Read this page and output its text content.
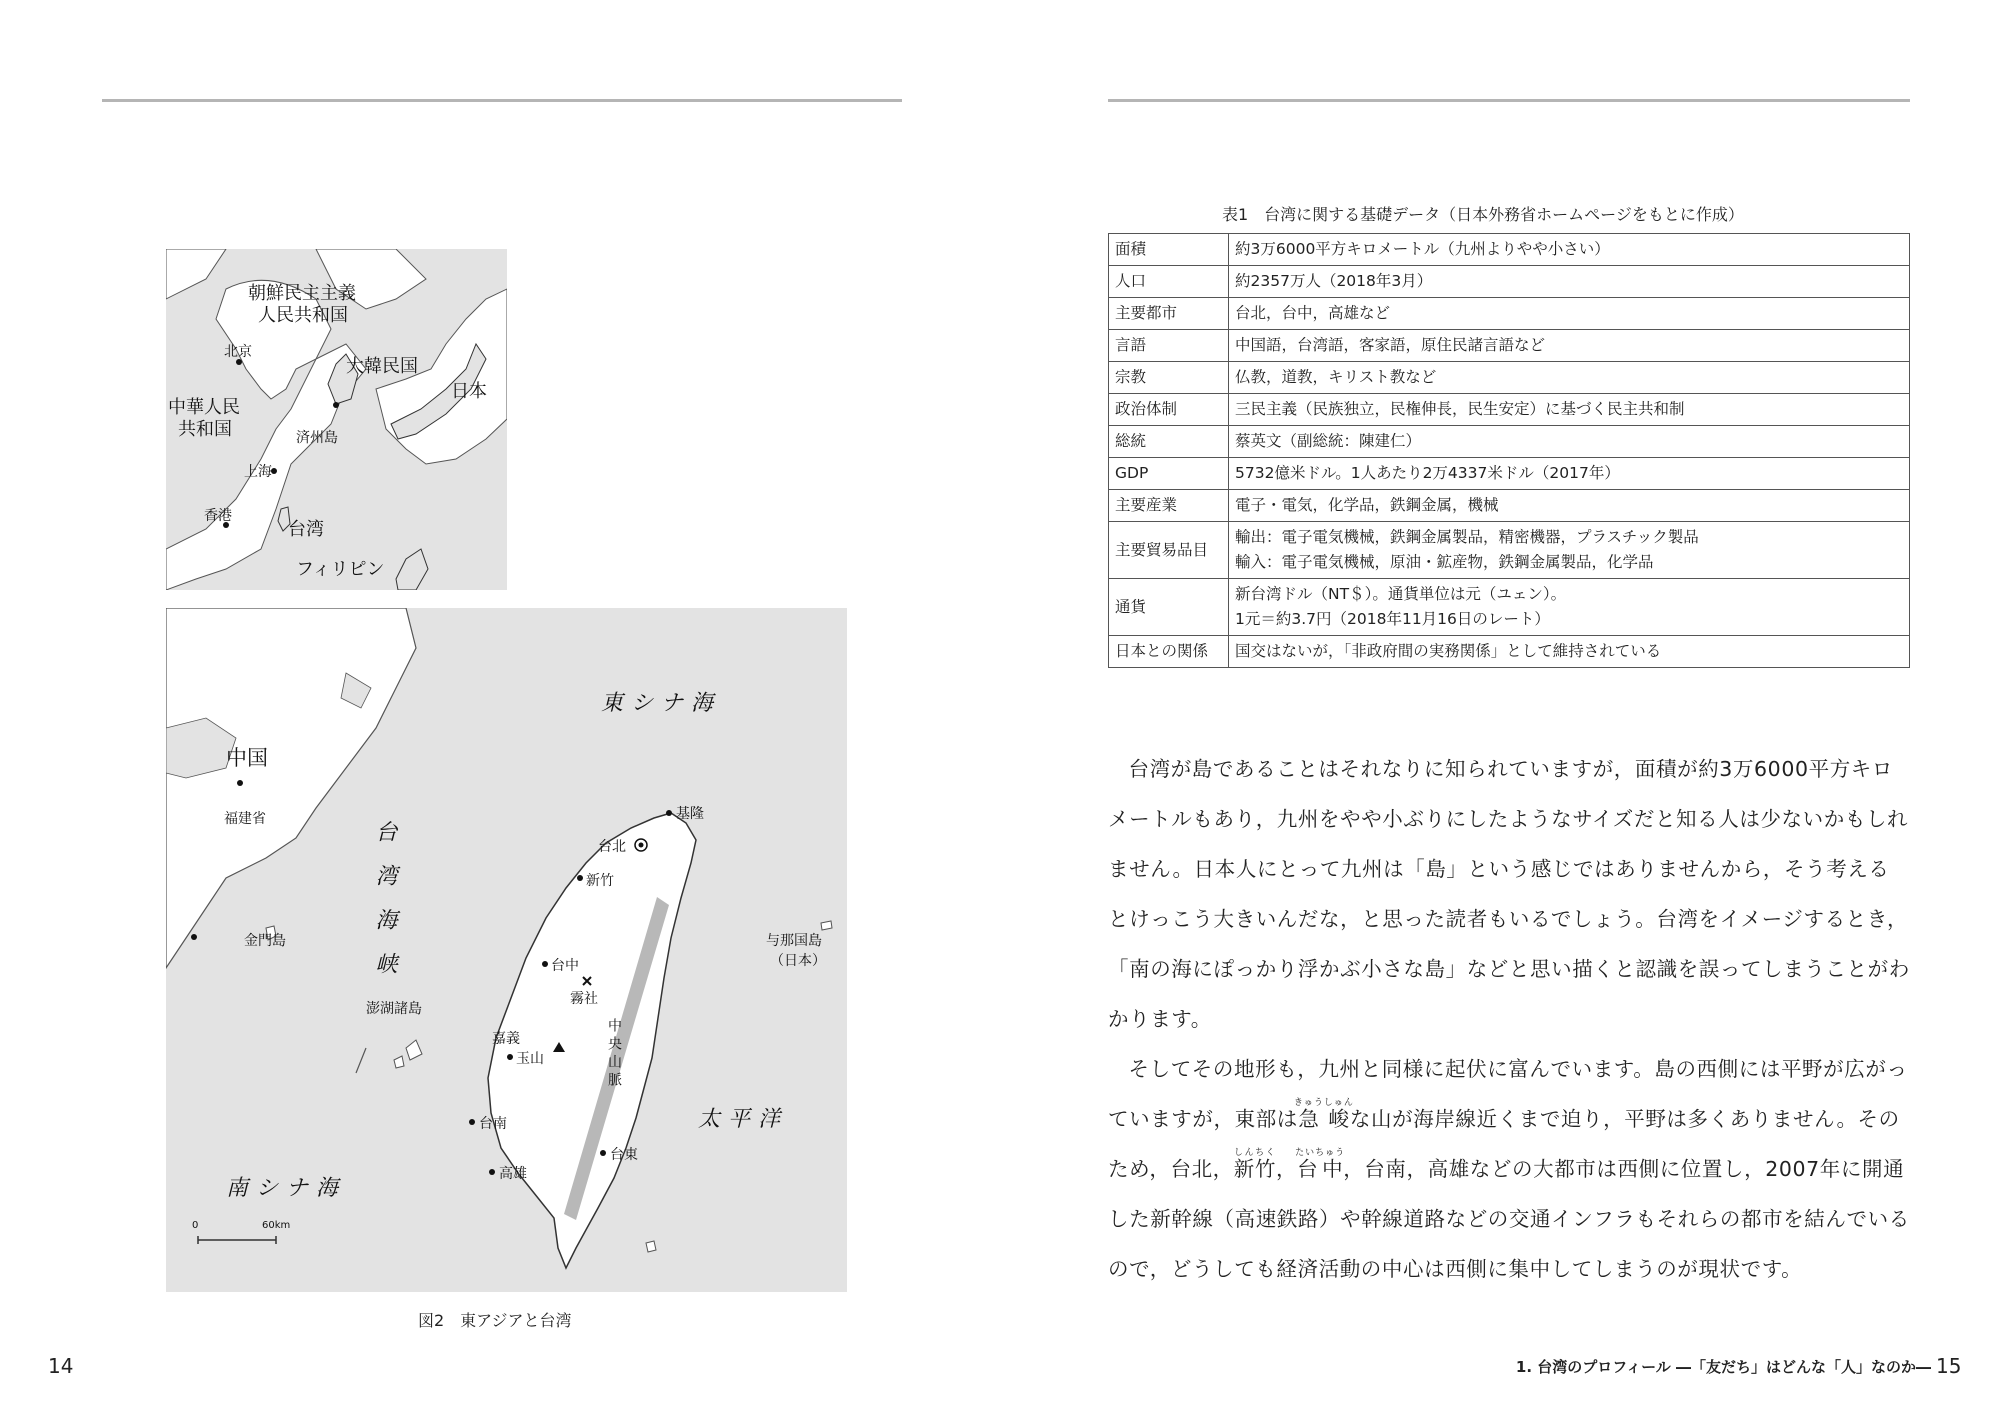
朝鮮民主主義
人民共和国
北京
大韓民国
日本
中華人民
共和国	済州島
上海
香港
台湾
フィリピン
東シナ海
中国
福建省
台湾海峡
金門島
澎湖諸島
南シナ海
太平洋
与那国島
（日本）
基隆
台北
新竹
台中
霧社
嘉義
玉山
台南
高雄
台東
中央山脈
0	60km
図2　東アジアと台湾
14
表1　台湾に関する基礎データ（日本外務省ホームページをもとに作成）
面積	約3万6000平方キロメートル（九州よりやや小さい）

人口	約2357万人（2018年3月）

主要都市	台北，台中，高雄など

言語	中国語，台湾語，客家語，原住民諸言語など

宗教	仏教，道教，キリスト教など

政治体制	三民主義（民族独立，民権伸長，民生安定）に基づく民主共和制

総統	蔡英文（副総統：陳建仁）

GDP	5732億米ドル。1人あたり2万4337米ドル（2017年）

主要産業	電子・電気，化学品，鉄鋼金属，機械

主要貿易品目	輸出：電子電気機械，鉄鋼金属製品，精密機器，プラスチック製品
輸入：電子電気機械，原油・鉱産物，鉄鋼金属製品，化学品

通貨	新台湾ドル（NT＄）。通貨単位は元（ユェン）。
1元＝約3.7円（2018年11月16日のレート）

日本との関係	国交はないが，「非政府間の実務関係」として維持されている

台湾が島であることはそれなりに知られていますが，面積が約3万6000平方キロメートルもあり，九州をやや小ぶりにしたようなサイズだと知る人は少ないかもしれません。日本人にとって九州は「島」という感じではありませんから，そう考えるとけっこう大きいんだな，と思った読者もいるでしょう。台湾をイメージするとき，「南の海にぽっかり浮かぶ小さな島」などと思い描くと認識を誤ってしまうことがわかります。

そしてその地形も，九州と同様に起伏に富んでいます。島の西側には平野が広がっていますが，東部は急峻きゅうしゅんな山が海岸線近くまで迫り，平野は多くありません。そのため，台北，新竹しんちく，台中たいちゅう，台南，高雄などの大都市は西側に位置し，2007年に開通した新幹線（高速鉄路）や幹線道路などの交通インフラもそれらの都市を結んでいるので，どうしても経済活動の中心は西側に集中してしまうのが現状です。

1. 台湾のプロフィール ―「友だち」はどんな「人」なのか― 15
